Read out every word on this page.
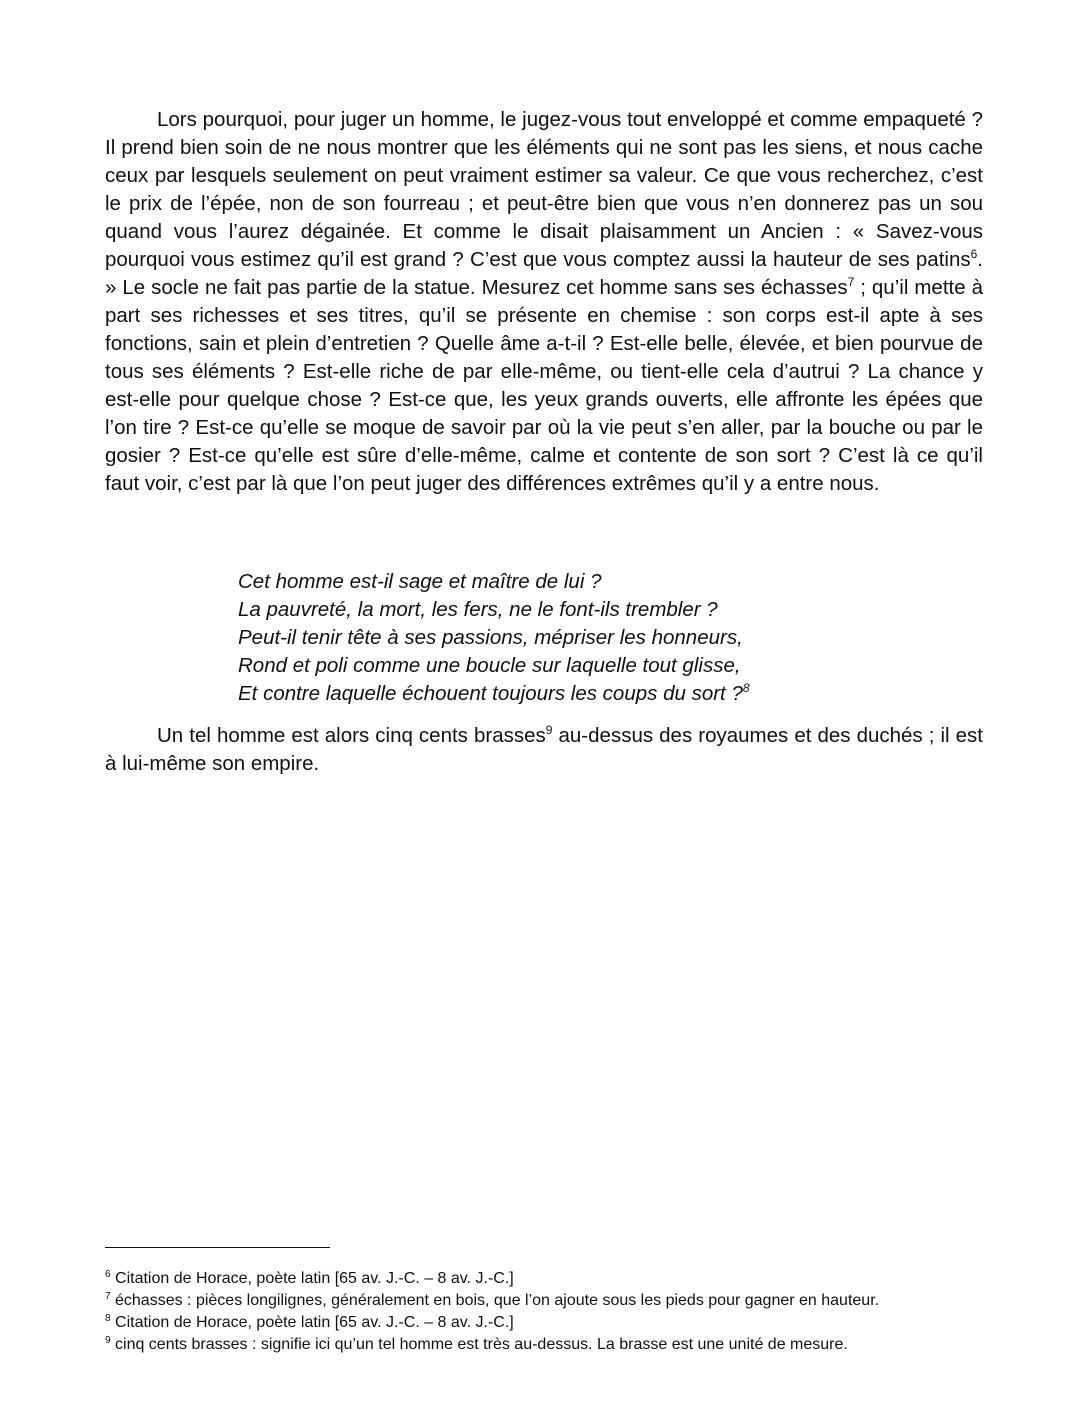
Lors pourquoi, pour juger un homme, le jugez-vous tout enveloppé et comme empaqueté ? Il prend bien soin de ne nous montrer que les éléments qui ne sont pas les siens, et nous cache ceux par lesquels seulement on peut vraiment estimer sa valeur. Ce que vous recherchez, c’est le prix de l’épée, non de son fourreau ; et peut-être bien que vous n’en donnerez pas un sou quand vous l’aurez dégainée. Et comme le disait plaisamment un Ancien : « Savez-vous pourquoi vous estimez qu’il est grand ? C’est que vous comptez aussi la hauteur de ses patins$^6$. » Le socle ne fait pas partie de la statue. Mesurez cet homme sans ses échasses$^7$ ; qu’il mette à part ses richesses et ses titres, qu’il se présente en chemise : son corps est-il apte à ses fonctions, sain et plein d’entretien ? Quelle âme a-t-il ? Est-elle belle, élevée, et bien pourvue de tous ses éléments ? Est-elle riche de par elle-même, ou tient-elle cela d’autrui ? La chance y est-elle pour quelque chose ? Est-ce que, les yeux grands ouverts, elle affronte les épées que l’on tire ? Est-ce qu’elle se moque de savoir par où la vie peut s’en aller, par la bouche ou par le gosier ? Est-ce qu’elle est sûre d’elle-même, calme et contente de son sort ? C’est là ce qu’il faut voir, c’est par là que l’on peut juger des différences extrêmes qu’il y a entre nous.

Cet homme est-il sage et maître de lui ?
La pauvreté, la mort, les fers, ne le font-ils trembler ?
Peut-il tenir tête à ses passions, mépriser les honneurs,
Rond et poli comme une boucle sur laquelle tout glisse,
Et contre laquelle échouent toujours les coups du sort ?$^8$

Un tel homme est alors cinq cents brasses$^9$ au-dessus des royaumes et des duchés ; il est à lui-même son empire.

$^6$ Citation de Horace, poète latin [65 av. J.-C. – 8 av. J.-C.]

$^7$ échasses : pièces longilignes, généralement en bois, que l’on ajoute sous les pieds pour gagner en hauteur.

$^8$ Citation de Horace, poète latin [65 av. J.-C. – 8 av. J.-C.]

$^9$ cinq cents brasses : signifie ici qu’un tel homme est très au-dessus. La brasse est une unité de mesure.
